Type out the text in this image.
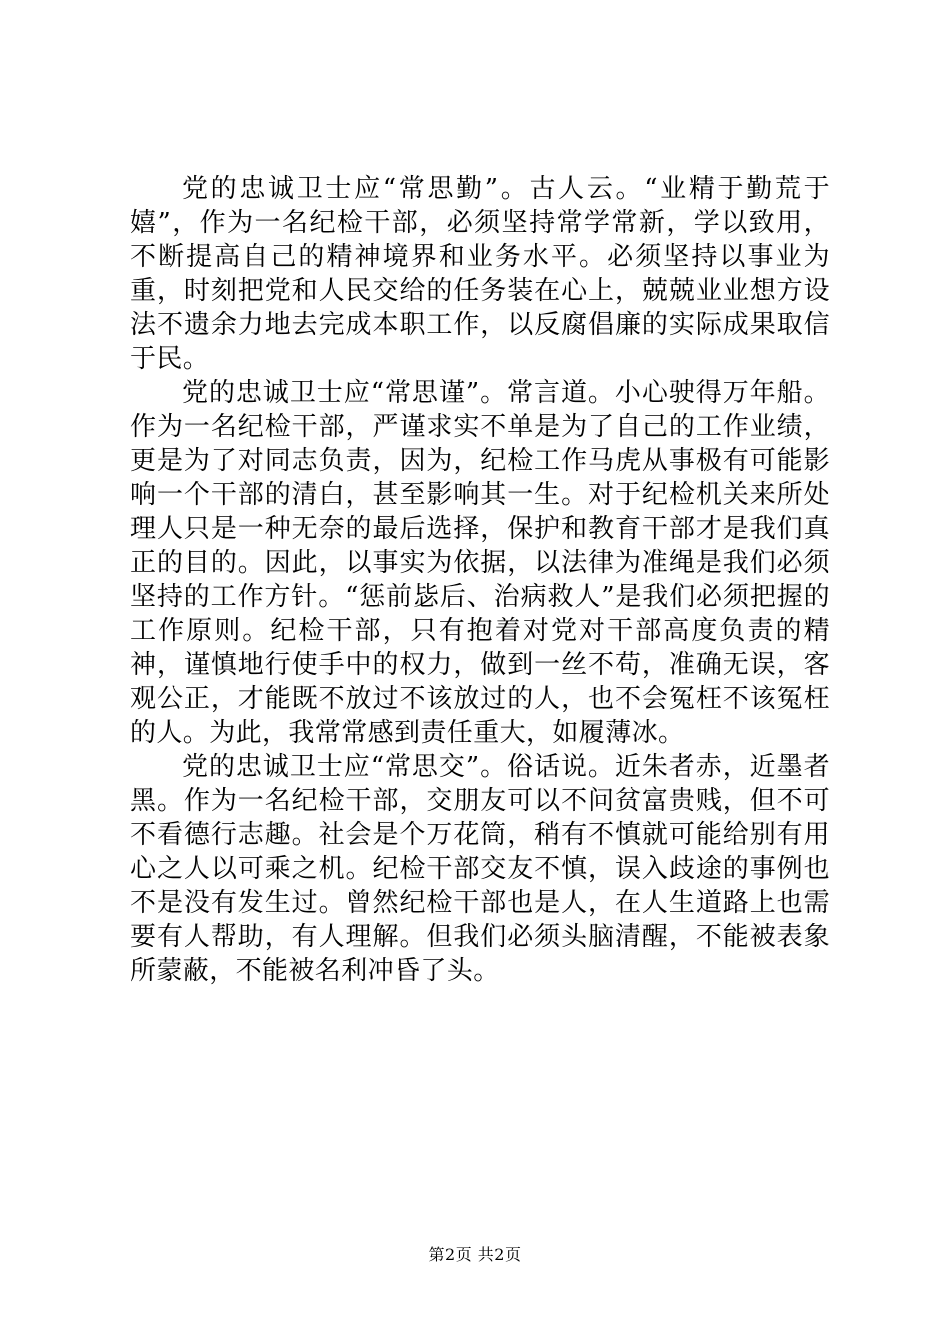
党的忠诚卫士应“常思勤”。古人云。“业精于勤荒于嬉”，作为一名纪检干部，必须坚持常学常新，学以致用，不断提高自己的精神境界和业务水平。必须坚持以事业为重，时刻把党和人民交给的任务装在心上，兢兢业业想方设法不遗余力地去完成本职工作，以反腐倡廉的实际成果取信于民。

党的忠诚卫士应“常思谨”。常言道。小心驶得万年船。作为一名纪检干部，严谨求实不单是为了自己的工作业绩，更是为了对同志负责，因为，纪检工作马虎从事极有可能影响一个干部的清白，甚至影响其一生。对于纪检机关来所处理人只是一种无奈的最后选择，保护和教育干部才是我们真正的目的。因此，以事实为依据，以法律为准绳是我们必须坚持的工作方针。“惩前毖后、治病救人”是我们必须把握的工作原则。纪检干部，只有抱着对党对干部高度负责的精神，谨慎地行使手中的权力，做到一丝不苟，准确无误，客观公正，才能既不放过不该放过的人，也不会冤枉不该冤枉的人。为此，我常常感到责任重大，如履薄冰。

党的忠诚卫士应“常思交”。俗话说。近朱者赤，近墨者黑。作为一名纪检干部，交朋友可以不问贫富贵贱，但不可不看德行志趣。社会是个万花筒，稍有不慎就可能给别有用心之人以可乘之机。纪检干部交友不慎，误入歧途的事例也不是没有发生过。曾然纪检干部也是人，在人生道路上也需要有人帮助，有人理解。但我们必须头脑清醒，不能被表象所蒙蔽，不能被名利冲昏了头。

第2页 共2页
